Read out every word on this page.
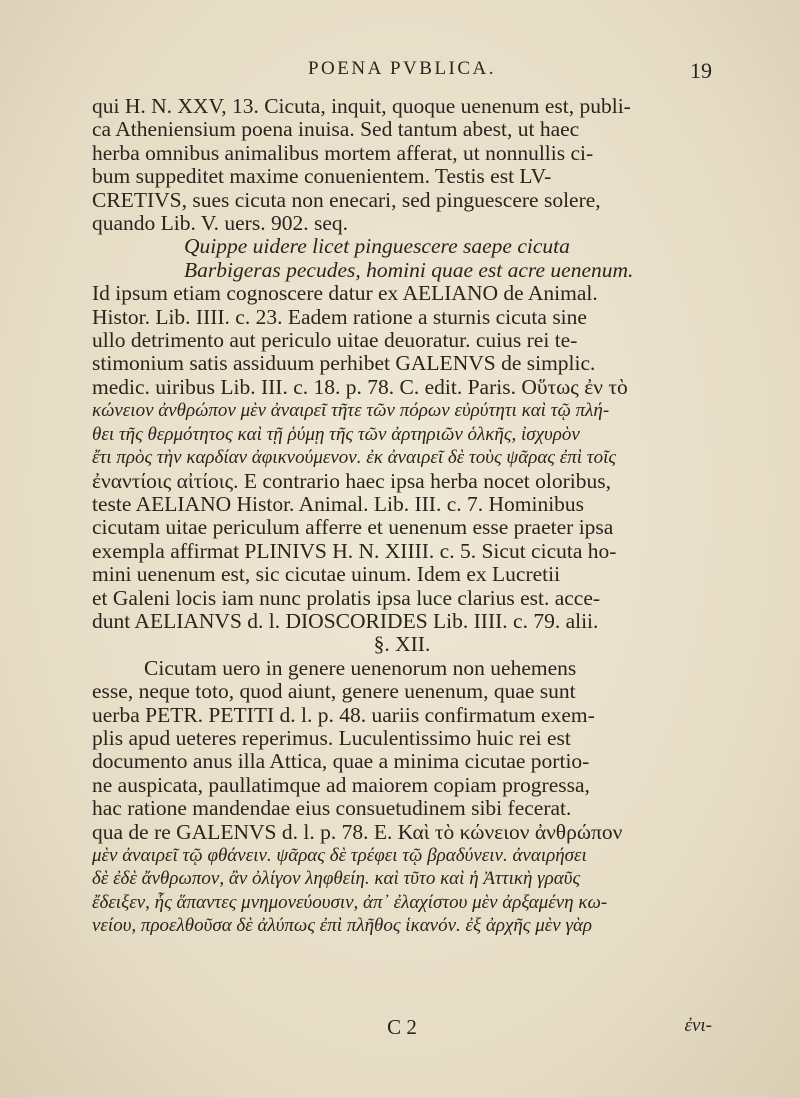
POENA PVBLICA.	19
qui H. N. XXV, 13. Cicuta, inquit, quoque uenenum est, publi-
ca Atheniensium poena inuisa. Sed tantum abest, ut haec
herba omnibus animalibus mortem afferat, ut nonnullis ci-
bum suppeditet maxime conuenientem. Testis est LV-
CRETIVS, sues cicuta non enecari, sed pinguescere solere,
quando Lib. V. uers. 902. seq.
Quippe uidere licet pinguescere saepe cicuta
Barbigeras pecudes, homini quae est acre uenenum.
Id ipsum etiam cognoscere datur ex AELIANO de Animal.
Histor. Lib. IIII. c. 23. Eadem ratione a sturnis cicuta sine
ullo detrimento aut periculo uitae deuoratur. cuius rei te-
stimonium satis assiduum perhibet GALENVS de simplic.
medic. uiribus Lib. III. c. 18. p. 78. C. edit. Paris. Οὕτως ἐν τὸ
κώνειον ἀνθρώπον μὲν ἀναιρεῖ τῆτε τῶν πόρων εὐρύτητι καὶ τῷ πλή-
θει τῆς θερμότητος καὶ τῇ ῥύμῃ τῆς τῶν ἀρτηριῶν ὁλκῆς, ἰσχυρὸν
ἔτι πρὸς τὴν καρδίαν ἀφικνούμενον. ἐκ ἀναιρεῖ δὲ τοὺς ψᾶρας ἐπὶ τοῖς
ἐναντίοις αἰτίοις. E contrario haec ipsa herba nocet oloribus,
teste AELIANO Histor. Animal. Lib. III. c. 7. Hominibus
cicutam uitae periculum afferre et uenenum esse praeter ipsa
exempla affirmat PLINIVS H. N. XIIII. c. 5. Sicut cicuta ho-
mini uenenum est, sic cicutae uinum. Idem ex Lucretii
et Galeni locis iam nunc prolatis ipsa luce clarius est. acce-
dunt AELIANVS d. l. DIOSCORIDES Lib. IIII. c. 79. alii.
§. XII.
Cicutam uero in genere uenenorum non uehemens
esse, neque toto, quod aiunt, genere uenenum, quae sunt
uerba PETR. PETITI d. l. p. 48. uariis confirmatum exem-
plis apud ueteres reperimus. Luculentissimo huic rei est
documento anus illa Attica, quae a minima cicutae portio-
ne auspicata, paullatimque ad maiorem copiam progressa,
hac ratione mandendae eius consuetudinem sibi fecerat.
qua de re GALENVS d. l. p. 78. E. Καὶ τὸ κώνειον ἀνθρώπον
μὲν ἀναιρεῖ τῷ φθάνειν. ψᾶρας δὲ τρέφει τῷ βραδύνειν. ἀναιρήσει
δὲ ἐδὲ ἄνθρωπον, ἂν ὀλίγον ληφθείη. καὶ τῦτο καὶ ἡ Ἀττικὴ γραῦς
ἔδειξεν, ἧς ἅπαντες μνημονεύουσιν, ἀπ᾽ ἐλαχίστου μὲν ἀρξαμένη κω-
νείου, προελθοῦσα δὲ ἀλύπως ἐπὶ πλῆθος ἱκανόν. ἐξ ἀρχῆς μὲν γὰρ
C 2	ἐνι-
